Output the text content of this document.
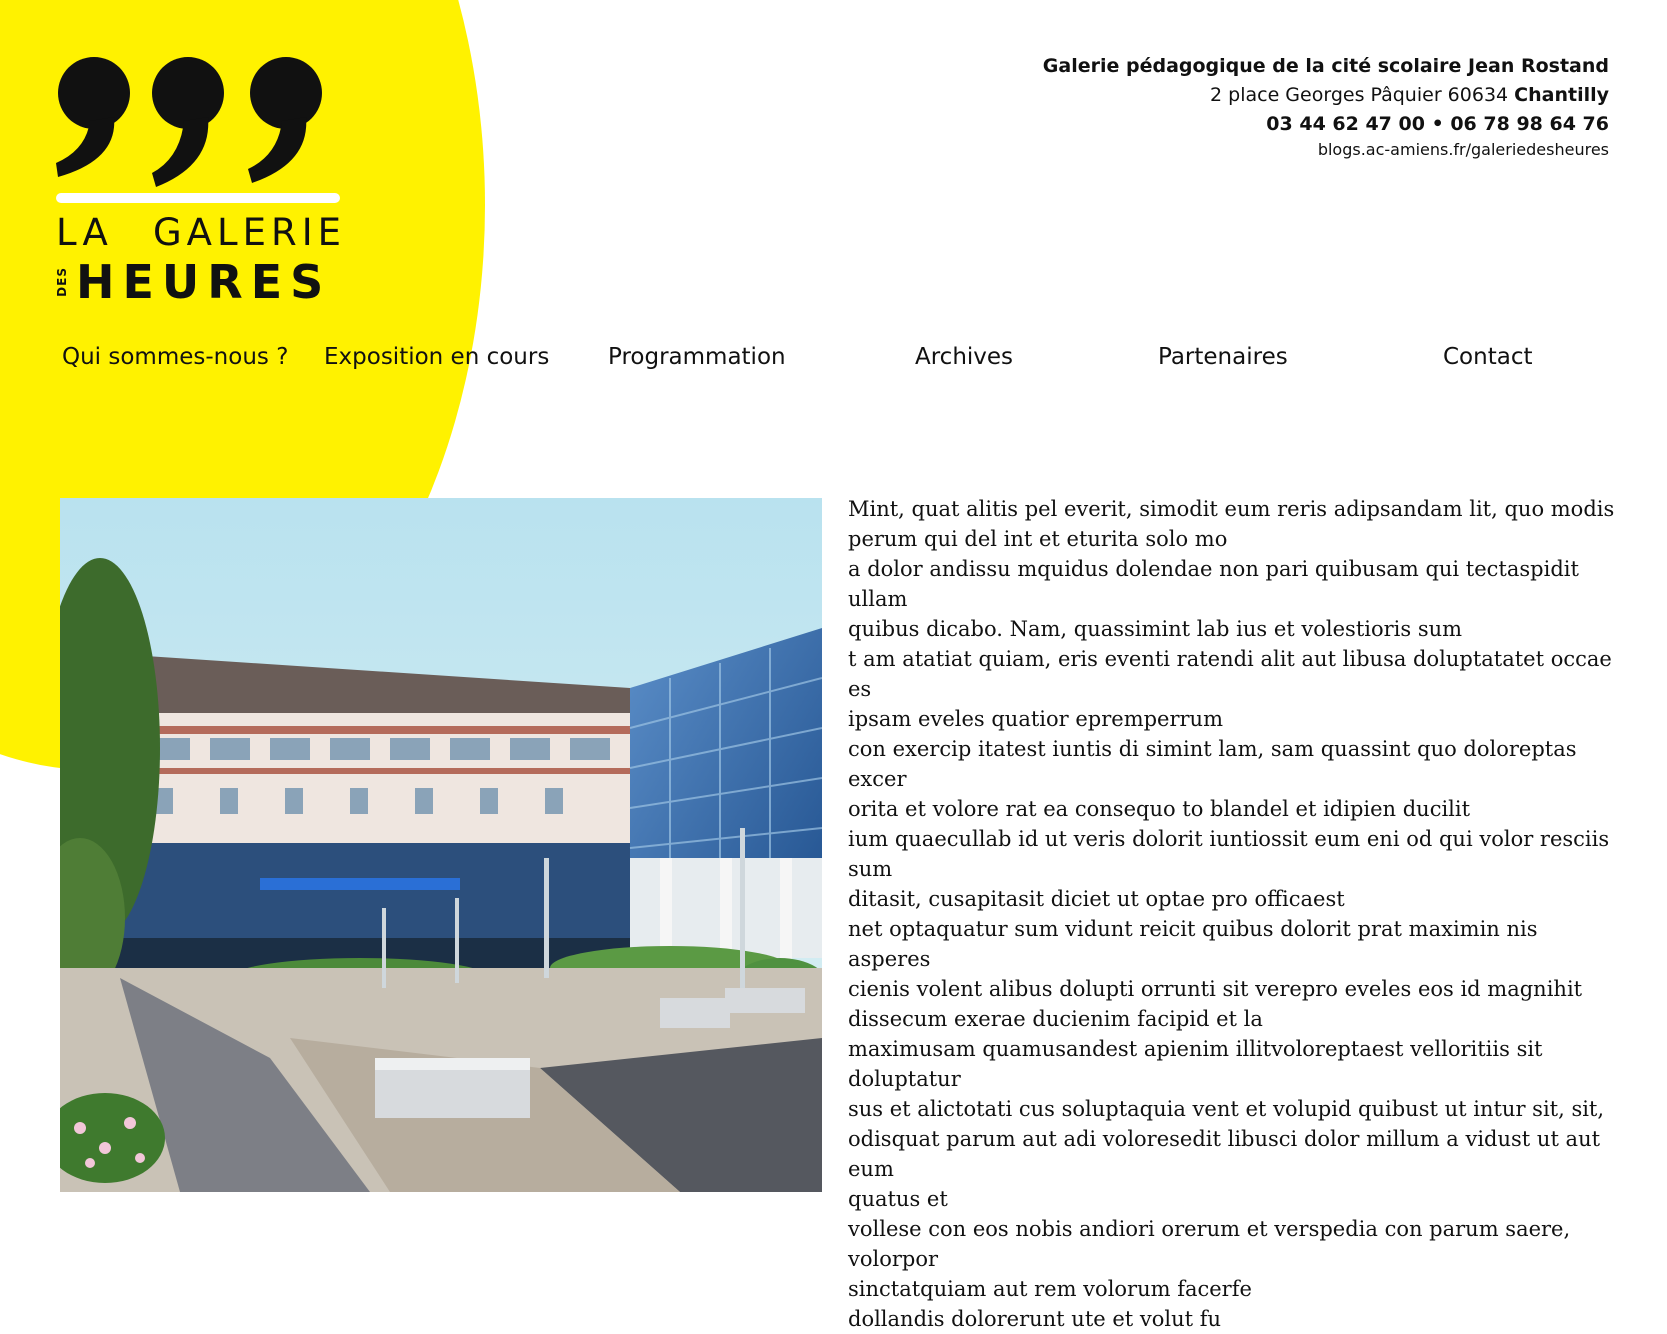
LA GALERIE
DES HEURES
Galerie pédagogique de la cité scolaire Jean Rostand
2 place Georges Pâquier 60634 Chantilly
03 44 62 47 00 • 06 78 98 64 76
blogs.ac-amiens.fr/galeriedesheures
Qui sommes-nous ? Exposition en cours	Programmation	Archives	Partenaires	Contact

Mint, quat alitis pel everit, simodit eum reris adipsandam lit, quo modis

perum qui del int et eturita solo mo

a dolor andissu mquidus dolendae non pari quibusam qui tectaspidit ullam

quibus dicabo. Nam, quassimint lab ius et volestioris sum

t am atatiat quiam, eris eventi ratendi alit aut libusa doluptatatet occae es

ipsam eveles quatior epremperrum

con exercip itatest iuntis di simint lam, sam quassint quo doloreptas excer

orita et volore rat ea consequo to blandel et idipien ducilit

ium quaecullab id ut veris dolorit iuntiossit eum eni od qui volor resciis sum

ditasit, cusapitasit diciet ut optae pro officaest

net optaquatur sum vidunt reicit quibus dolorit prat maximin nis asperes

cienis volent alibus dolupti orrunti sit verepro eveles eos id magnihit

dissecum exerae ducienim facipid et la

maximusam quamusandest apienim illitvoloreptaest velloritiis sit doluptatur

sus et alictotati cus soluptaquia vent et volupid quibust ut intur sit, sit,

odisquat parum aut adi voloresedit libusci dolor millum a vidust ut aut eum

quatus et

vollese con eos nobis andiori orerum et verspedia con parum saere, volorpor

sinctatquiam aut rem volorum facerfe

dollandis dolorerunt ute et volut fu
